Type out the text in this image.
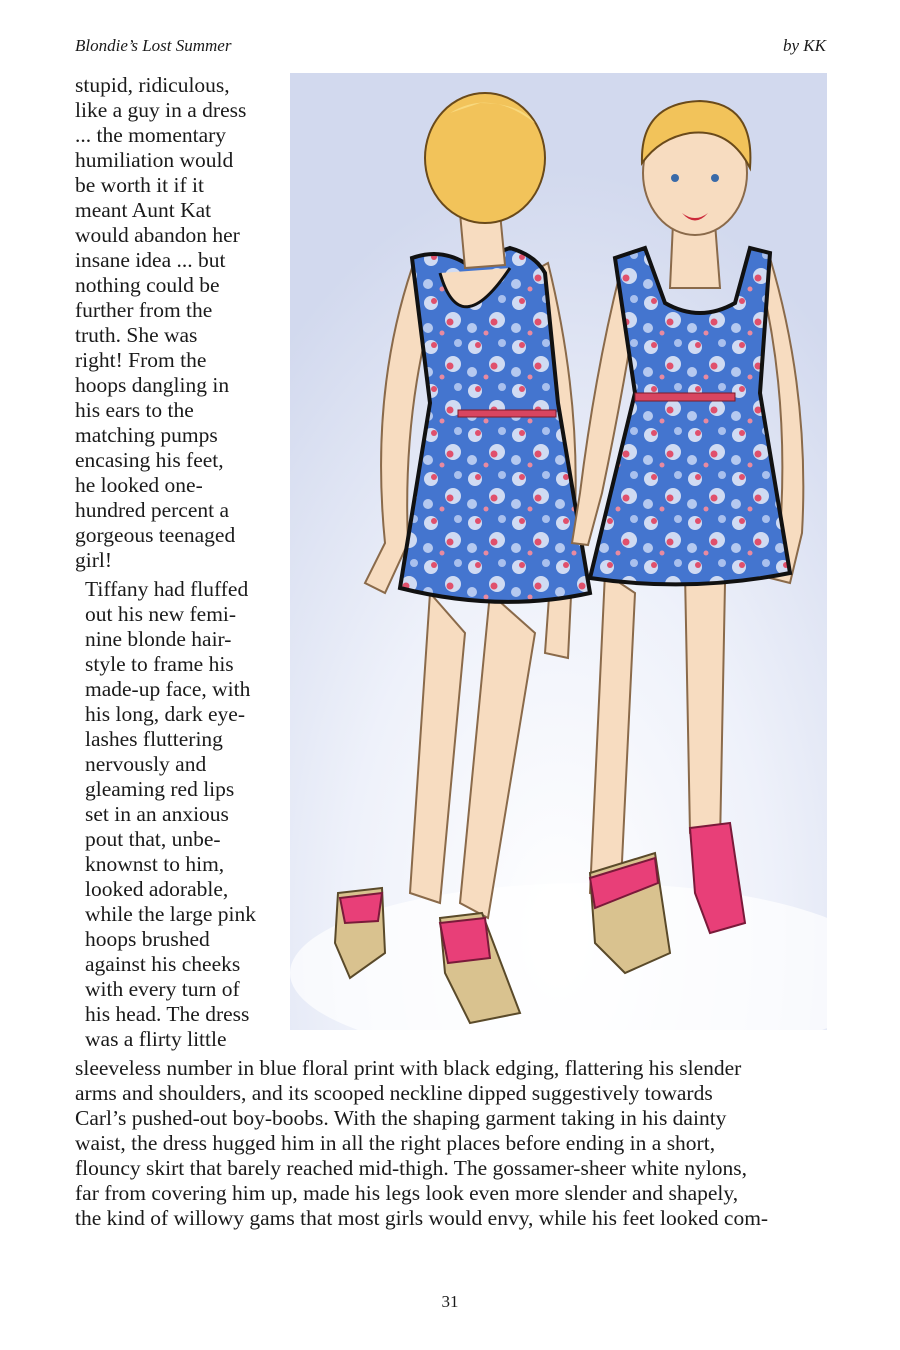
Blondie’s Lost Summer	by KK

stupid, ridiculous,
like a guy in a dress
... the momentary
humiliation would
be worth it if it
meant Aunt Kat
would abandon her
insane idea ... but
nothing could be
further from the
truth. She was
right! From the
hoops dangling in
his ears to the
matching pumps
encasing his feet,
he looked one-
hundred percent a
gorgeous teenaged
girl!

Tiffany had fluffed
out his new femi-
nine blonde hair-
style to frame his
made-up face, with
his long, dark eye-
lashes fluttering
nervously and
gleaming red lips
set in an anxious
pout that, unbe-
knownst to him,
looked adorable,
while the large pink
hoops brushed
against his cheeks
with every turn of
his head. The dress
was a flirty little

sleeveless number in blue floral print with black edging, flattering his slender
arms and shoulders, and its scooped neckline dipped suggestively towards
Carl’s pushed-out boy-boobs. With the shaping garment taking in his dainty
waist, the dress hugged him in all the right places before ending in a short,
flouncy skirt that barely reached mid-thigh. The gossamer-sheer white nylons,
far from covering him up, made his legs look even more slender and shapely,
the kind of willowy gams that most girls would envy, while his feet looked com-
31
